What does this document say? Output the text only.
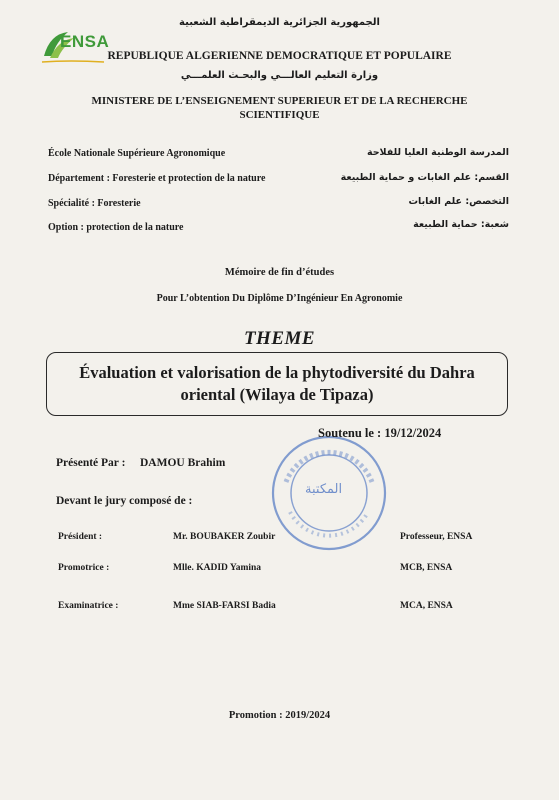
ENSA
الجمهورية الجزائرية الديمقراطية الشعبية
REPUBLIQUE ALGERIENNE DEMOCRATIQUE ET POPULAIRE
وزارة التعليم العالـــي والبحـث العلمـــي
MINISTERE DE L’ENSEIGNEMENT SUPERIEUR ET DE LA RECHERCHE
SCIENTIFIQUE
École Nationale Supérieure Agronomique	المدرسة الوطنية العليا للفلاحة
Département : Foresterie et protection de la nature	القسم: علم الغابات و حماية الطبيعة
Spécialité : Foresterie	التخصص: علم الغابات
Option : protection de la nature	شعبة: حماية الطبيعة
Mémoire de fin d’études
Pour L’obtention Du Diplôme D’Ingénieur En Agronomie
THEME
Évaluation et valorisation de la phytodiversité du Dahra
oriental (Wilaya de Tipaza)
المكتبة
Soutenu le : 19/12/2024
Présenté Par : DAMOU Brahim
Devant le jury composé de :
Président :	Mr. BOUBAKER Zoubir	Professeur, ENSA
Promotrice :	Mlle. KADID Yamina	MCB, ENSA
Examinatrice :	Mme SIAB-FARSI Badia	MCA, ENSA
Promotion : 2019/2024
